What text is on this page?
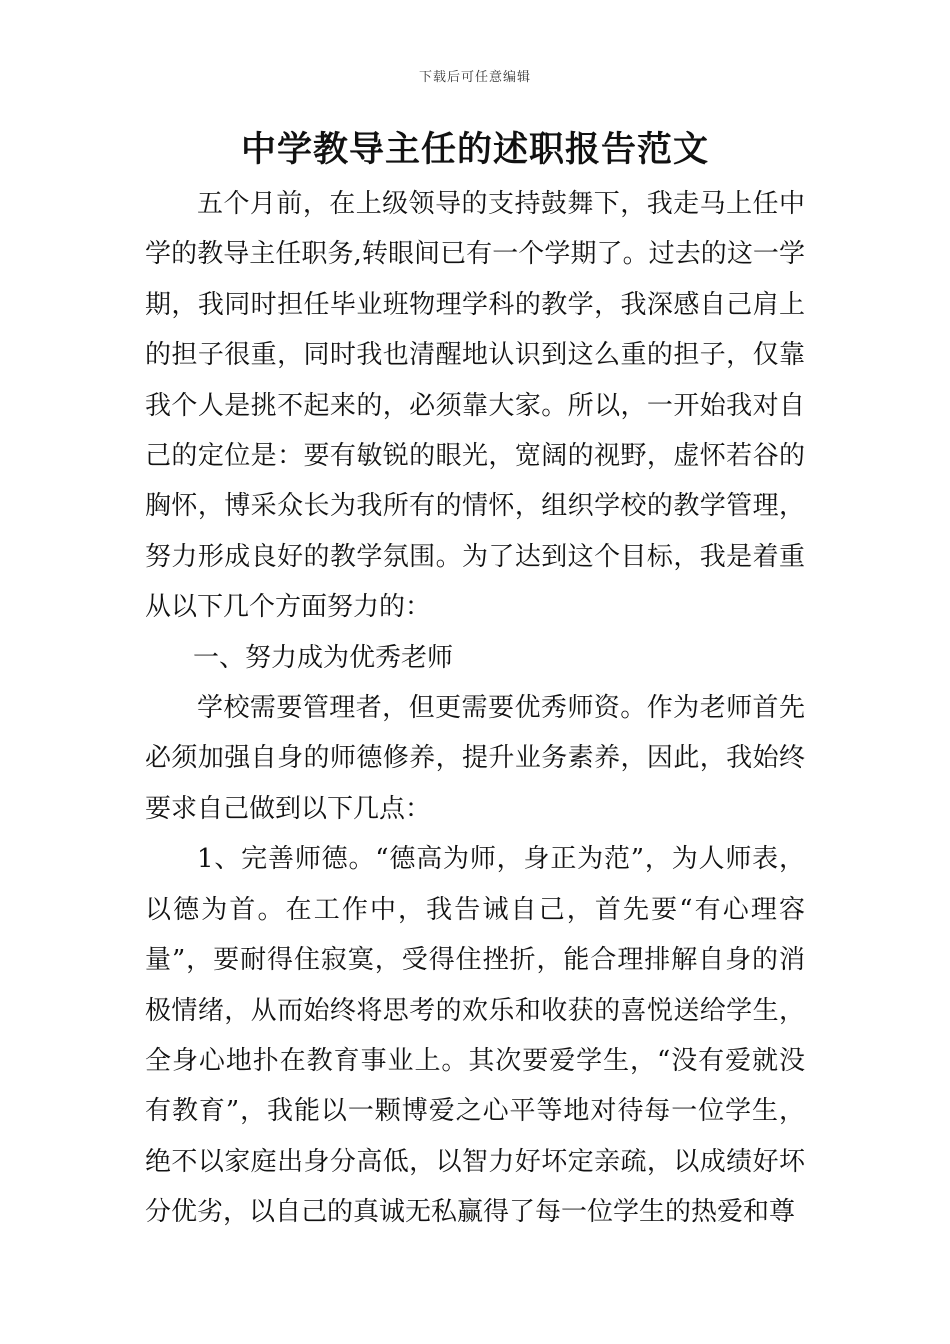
下载后可任意编辑
中学教导主任的述职报告范文

五个月前，在上级领导的支持鼓舞下，我走马上任中学的教导主任职务,转眼间已有一个学期了。过去的这一学期，我同时担任毕业班物理学科的教学，我深感自己肩上的担子很重，同时我也清醒地认识到这么重的担子，仅靠我个人是挑不起来的，必须靠大家。所以，一开始我对自己的定位是：要有敏锐的眼光，宽阔的视野，虚怀若谷的胸怀，博采众长为我所有的情怀，组织学校的教学管理，努力形成良好的教学氛围。为了达到这个目标，我是着重从以下几个方面努力的：

一、努力成为优秀老师

学校需要管理者，但更需要优秀师资。作为老师首先必须加强自身的师德修养，提升业务素养，因此，我始终要求自己做到以下几点：

1、完善师德。“德高为师，身正为范”，为人师表，以德为首。在工作中，我告诫自己，首先要“有心理容量”，要耐得住寂寞，受得住挫折，能合理排解自身的消极情绪，从而始终将思考的欢乐和收获的喜悦送给学生，全身心地扑在教育事业上。其次要爱学生，“没有爱就没有教育”，我能以一颗博爱之心平等地对待每一位学生，绝不以家庭出身分高低，以智力好坏定亲疏，以成绩好坏分优劣，以自己的真诚无私赢得了每一位学生的热爱和尊
